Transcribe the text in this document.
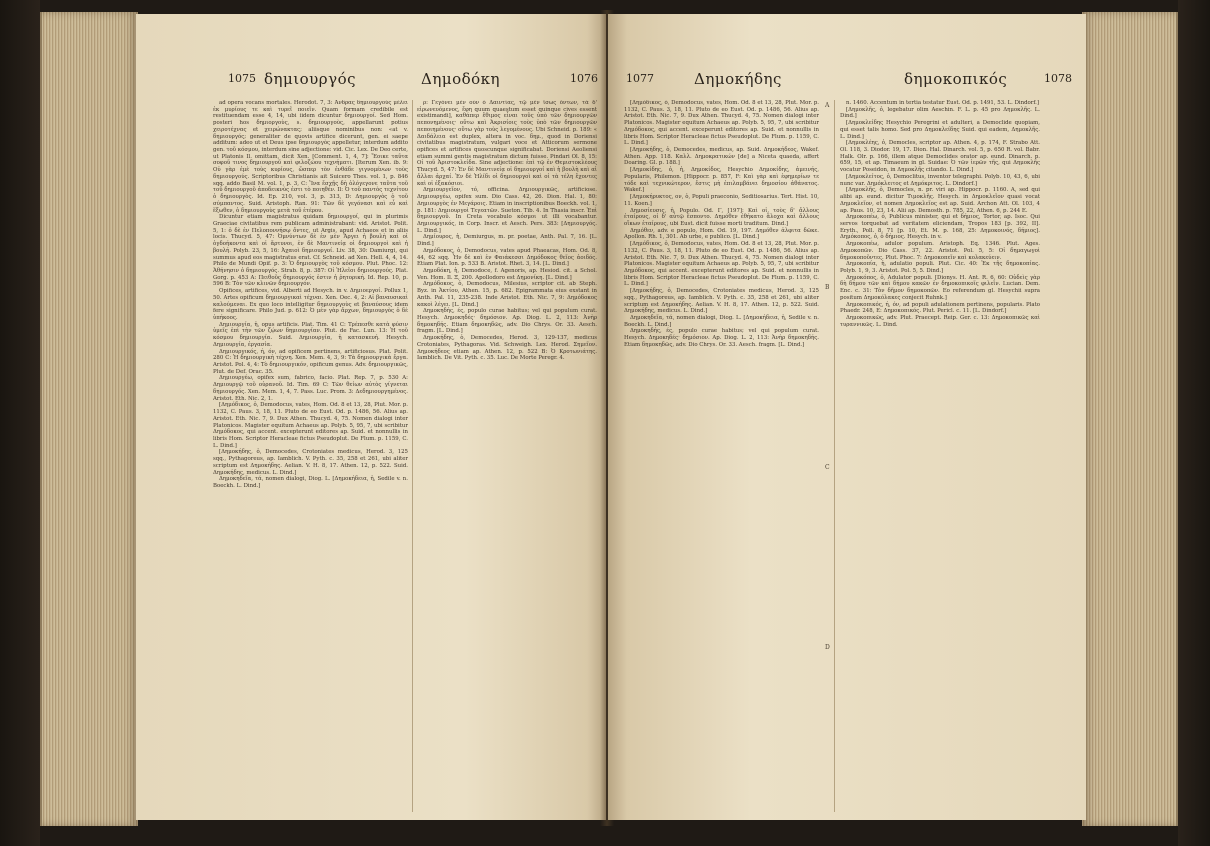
1075 δημιουργός	Δημοδόκη	1076

ad opera vocans mortales. Herodot. 7, 3: Ἀνδρας δημιουργοὺς μέλει ἐκ μυρίους τε καὶ τυρεῖ ποιεῖν. Quam formam credibile est restituendam esse 4, 14, ubi iidem dicuntur δημιουργοί. Sed Hom. posteri hos δημιοργοὺς, s. δημιουργοὺς, appellarunt potius χειροτέχνας et χειρώνακτας; aliisque nominibus non: «at v. δημιουργός; generaliter de quovis artifice dicerunt, gen. ei saepe additum: adeo ut et Deus ipse δημιουργὸς appelletur, interdum addito gen. τοῦ κόσμου, interdum sine adjectione: vid. Cic. Lex. De Deo certe, ut Platonis Il. omittam, dicit Xen. [Comment. 1, 4, 7]: Ἔοικε ταῦτα σοφοῦ τινος δημιουργοῦ καὶ φιλοζώου τεχνήματι. [Iterum Xen. ib. 9: Οὐ γὰρ ἐμὲ τοὺς κυρίους, ὥσπερ τὸν ἐνθάδε γιγνομένων τοὺς δημιουργούς. Scriptoribus Christianis ait Suicero Thes. vol. 1, p. 846 sqq. addo Basil M. vol. 1, p. 3, C: Ἵνα ἔσχῇς δὴ ὁλόγεγονε ταῦτα τοῦ τοῦ δημιουργοῦ ἀποδεικνὺς ἐστι τὸ ποιηθέν. Il: Ὁ τοῦ παντὸς τεχνίτου ὁ δημιουργὸς. Id. Ep. 210, vol. 3, p. 313, D: Δημιουργὸς ὁ τοῦ σύμπαντος. Suid. Aristoph. Ran. 91: Τῶν δὲ γεγόνασι καὶ εὖ καὶ ἕξωθεν, ὁ δημιουργοὺς μετὰ τοῦ ἑτέρου.

Dicuntur etiam magistratus quidam δημιουργοί, qui in plurimis Graeciae civitatibus rem publicam administrabant: vid. Aristot. Polit. 5, 1: ὁ δὲ ἐν Πελοποννήσῳ ὄντες, ut Argis, apud Achaeos et in aliis locis. Thucyd. 5, 47: Ὀμνύντων δὲ ἐν μὲν Ἄργει ἡ βουλὴ καὶ οἱ ὀγδοήκοντα καὶ οἱ ἄρτυνοι, ἐν δὲ Μαντινείᾳ οἱ δημιουργοὶ καὶ ἡ βουλή. Polyb. 23, 5, 16: Ἀχαιοὶ δημιουργοί. Liv. 38, 30: Damiurgi, qui summus apud eos magistratus erat. Cf. Schneid. ad Xen. Hell. 4, 4, 14. Philo de Mundi Opif. p. 3: Ὁ δημιουργὸς τοῦ κόσμου. Plut. Phoc. 12: Ἀθήνησιν ὁ δημιουργός. Strab. 8, p. 387: Οἱ Ἠλεῖοι δημιουργούς. Plat. Gorg. p. 453 A: Πειθοῦς δημιουργός ἐστιν ἡ ῥητορική. Id. Rep. 10, p. 596 B: Τὸν τῶν κλινῶν δημιουργόν.

Opifices, artifices, vid. Alberti ad Hesych. in v. Δημιοεργοί. Pollux 1, 50. Artes opificum δημιουργικαὶ τέχναι. Xen. Oec. 4, 2: Αἱ βαναυσικαὶ καλούμεναι. Ex quo loco intelligitur δημιουργοὺς et βαναύσους idem fere significare. Philo Jud. p. 612: Ὁ μὲν γὰρ ἄρχων, δημιουργὸς ὁ δὲ ὑπήκοος.

Δημιουργία, ἡ, opus artificis. Plat. Tim. 41 C: Τρέπεσθε κατὰ φύσιν ὑμεῖς ἐπὶ τὴν τῶν ζῴων δημιουργίαν. Plut. de Fac. Lun. 13: Ἡ τοῦ κόσμου δημιουργία. Suid. Δημιουργία, ἡ κατασκευή. Hesych. Δημιουργία, ἐργασία.

Δημιουργικός, ή, όν, ad opificem pertinens, artificiosus. Plat. Polit. 280 C: Ἡ δημιουργικὴ τέχνη. Xen. Mem. 4, 3, 9: Τὰ δημιουργικὰ ἔργα. Aristot. Pol. 4, 4: Τὸ δημιουργικόν, opificum genus. Adv. δημιουργικῶς, Plut. de Def. Orac. 35.

Δημιουργέω, opifex sum, fabrico, facio. Plat. Rep. 7, p. 530 A: Δημιουργῷ τοῦ οὐρανοῦ. Id. Tim. 69 C: Τῶν θείων αὐτὸς γίγνεται δημιουργός. Xen. Mem. 1, 4, 7. Pass. Luc. Prom. 3: Δεδημιουργημένος. Aristot. Eth. Nic. 2, 1.

[Δημόδικος, ὁ, Demodocus, vates, Hom. Od. 8 et 13, 28, Plut. Mor. p. 1132, C. Paus. 3, 18, 11. Pluto de eo Eust. Od. p. 1486, 56. Alius ap. Aristot. Eth. Nic. 7, 9. Dux Athen. Thucyd. 4, 75. Nomen dialogi inter Platonicos. Magister equitum Achaeus ap. Polyb. 5, 95, 7, ubi scribitur Δημόδοκος, qui accent. excepterunt editores ap. Suid. et nonnullis in libris Hom. Scriptor Heracleae fictus Pseudoplut. De Flum. p. 1159, C. L. Dind.]

[Δημοκήδης, ὁ, Democedes, Crotoniates medicus, Herod. 3, 125 sqq., Pythagoreus, ap. Iamblich. V. Pyth. c. 35, 258 et 261, ubi aliter scriptum est Δημοκήδης. Aelian. V. H. 8, 17. Athen. 12, p. 522. Suid. Δημοκήδης, medicus. L. Dind.]

Δημοκηδεῖα, τά, nomen dialogi, Diog. L. [Δημοκήδεια, ἡ, Sedile v. n. Boeckh. L. Dind.]

ρ: Γεγόνει μὲν οὖν ὁ Δαιντίας, τῷ μὲν ἴσως ὄντων, τὰ δ' εἰρωνευόμενος, ἔφη quum quaestum esset quinque cives essent existimandi], καθάπερ ἔθιμος εἶναι τοῦς ὑπὸ τῶν δημιουργῶν πεπονημένοις· οὕτω καὶ Ἀκρισίοις τοὺς ὑπὸ τῶν δημιουργῶν πεποιημένους· οὕτω γὰρ τοὺς λεγομένους. Ubi Schneid. p. 189: « Δαιδάλεια est duplex, altera in voc. δημ., quod in Doriensi civitatibus magistratum, vulgari voce et Atticorum sermone opifices et artifices quoscunque significabat. Doriensi Aeoliensi etiam summi gentis magistratum dictum fuisse. Pindari Ol. 8, 15: Οἱ τοῦ Ἀριστοκλείδα. Sine adjectione: ἐπὶ τῷ ἐν Θεμιστοκλέους Thucyd. 5, 47: Ἐν δὲ Μαντινείᾳ οἱ δημιουργοί καὶ ἡ βουλὴ καὶ αἱ ἄλλαι ἀρχαί. Ἐν δὲ Ἠλίδι οἱ δημιουργοὶ καὶ οἱ τὰ τέλη ἔχοντες καὶ οἱ ἑξακόσιοι.

Δημιουργεῖον, τό, officina. Δημιουργικῶς, artificiose. Δημιουργέω, opifex sum. Dio Cass. 42, 26. Dion. Hal. 1, 80: Δημιουργὸς ἐν Μεγάροις. Etiam in inscriptionibus Boeckh. vol. 1, p. 181: Δημιουργοὶ Τεγεατῶν. Sueton. Tib. 4. In Thasia inscr. Ἐπὶ δημιουργοῦ. In Creta vocabulo κόσμοι ut illi vocabantur. Δημιουργικός, in Corp. Inscr. et Aesch. Pers. 383: [Δημιουργός. L. Dind.]

Δημίουρος, ἡ, Demiurgus, m. pr. poetae, Anth. Pal. 7, 16. [L. Dind.]

Δημόδοκος, ὁ, Demodocus, vates apud Phaeacas, Hom. Od. 8, 44, 62 sqq. Ἦν δὲ καὶ ἐν Φαιάκεσσι Δημόδοκος θεῖος ἀοιδός. Etiam Plat. Ion. p. 533 B. Aristot. Rhet. 3, 14. [L. Dind.]

Δημοδόκη, ἡ, Demodoce, f. Agenoris, ap. Hesiod. cit. a Schol. Ven. Hom. Il. Ξ, 200. Apollodoro est Δημονίκη. [L. Dind.]

Δημόδοκος, ὁ, Demodocus, Milesius, scriptor cit. ab Steph. Byz. in Ἀκτίου, Athen. 15, p. 682. Epigrammata eius exstant in Anth. Pal. 11, 235-238. Inde Aristot. Eth. Nic. 7, 9: Δημόδοκος κακοὶ λέγει. [L. Dind.]

Δημοκηδής, ές, populo curae habitus; vel qui populum curat. Hesych. Δημοκηδές· δημόσιον. Ap. Diog. L. 2, 113: Ἀνὴρ δημοκηδής. Etiam δημοκηδῶς, adv. Dio Chrys. Or. 33. Aesch. fragm. [L. Dind.]

Δημοκήδης, ὁ, Democedes, Herod. 3, 129-137, medicus Crotoniates, Pythagoras. Vid. Schweigh. Lex. Herod. Σημεῖον. Δημοκήδεος etiam ap. Athen. 12, p. 522 B: Ὁ Κροτωνιάτης. Iamblich. De Vit. Pyth. c. 35. Luc. De Morte Peregr. 4.

1077	Δημοκήδης	δημοκοπικός	1078

[Δημόδικος, ὁ, Demodocus, vates, Hom. Od. 8 et 13, 28, Plut. Mor. p. 1132, C. Paus. 3, 18, 11. Pluto de eo Eust. Od. p. 1486, 56. Alius ap. Aristot. Eth. Nic. 7, 9. Dux Athen. Thucyd. 4, 75. Nomen dialogi inter Platonicos. Magister equitum Achaeus ap. Polyb. 5, 95, 7, ubi scribitur Δημόδοκος, qui accent. exceperunt editores ap. Suid. et nonnullis in libris Hom. Scriptor Heracleae fictus Pseudoplut. De Flum. p. 1159, C. L. Dind.]

[Δημοκήδης, ὁ, Democedes, medicus, ap. Suid. Δημοκήδεος, Wakef. Athen. App. 118. Καλλ. Δημοκρατικών [de] a Niceta quaeda, affert Doaring. Gl. p. 188.]

[Δημοκίδης, ὁ, ἡ, Δημοκίδος, Hesychio Δημοκίδης, ἀμεινής, Popularis, Philemon. [Hippocr. p. 857, F: Καὶ γὰρ καὶ ἐφημερίων τε τόδε καὶ τεχνικώτερον, ἔστις μὴ ἐπιλαμβάνει δημοσίου ἀθάνατος. Wakef.]

[Δημοκήρυκτος, ον, ὁ, Populi praeconio, Seditiosarius. Tert. Hist. 10, 11. Koen.]

Δημοσίευσις, ἡ, Populo. Od. Γ, [197]: Καὶ οἱ, τοὺς δ' ἄλλους ἐταίρους, οἱ δ' αὐτῷ ἕσποντο. Δημόθεν ἐθήκατο ἄλοχα καὶ ἄλλους οἴκων ἐταίρους, ubi Eust. dicit fuisse morti traditum. Dind.]

Δημόθεν, adv. e populo, Hom. Od. 19, 197. Δημόθεν ἀλφιτα δῶκε. Apollon. Rh. 1, 301. Ab urbe, e publico. [L. Dind.]

[Δημόδικος, ὁ, Demodocus, vates, Hom. Od. 8 et 13, 28, Plut. Mor. p. 1132, C. Paus. 3, 18, 11. Pluto de eo Eust. Od. p. 1486, 56. Alius ap. Aristot. Eth. Nic. 7, 9. Dux Athen. Thucyd. 4, 75. Nomen dialogi inter Platonicos. Magister equitum Achaeus ap. Polyb. 5, 95, 7, ubi scribitur Δημόδοκος, qui accent. excepterunt editores ap. Suid. et nonnullis in libris Hom. Scriptor Heracleae fictus Pseudoplut. De Flum. p. 1159, C. L. Dind.]

[Δημοκήδης, ὁ, Democedes, Crotoniates medicus, Herod. 3, 125 sqq., Pythagoreus, ap. Iamblich. V. Pyth. c. 35, 258 et 261, ubi aliter scriptum est Δημοκήδης. Aelian. V. H. 8, 17. Athen. 12, p. 522. Suid. Δημοκήδης, medicus. L. Dind.]

Δημοκηδεῖα, τά, nomen dialogi, Diog. L. [Δημοκήδεια, ἡ, Sedile v. n. Boeckh. L. Dind.]

Δημοκηδής, ές, populo curae habitus; vel qui populum curat. Hesych. Δημοκηδές· δημόσιον. Ap. Diog. L. 2, 113: Ἀνὴρ δημοκηδής. Etiam δημοκηδῶς, adv. Dio Chrys. Or. 33. Aesch. fragm. [L. Dind.]

A
B
C
D

n. 1460. Accentum in tertia testatur Eust. Od. p. 1491, 53. L. Dindorf.]

[Δημοκλῆς, ὁ, legebatur olim Aeschin. F. L. p. 45 pro Δημοκλῆς. L. Dind.]

[Δημοκλείδης Hesychio Peregrini et adulteri, a Democlide quopiam, qui esset talis homo. Sed pro Δημοκλείδης Suid. qui eadem, Δημοκλῆς. L. Dind.]

[Δημοκλέης, ὁ, Democles, scriptor ap. Athen. 4, p. 174, F. Strabo Att. Ol. 118, 3. Diodor. 19, 17. Dion. Hal. Dinarch. vol. 5, p. 650 R. vol. Babr. Halk. Olr. p. 166, illem atque Democlides orator ap. eund. Dinarch. p. 659, 15, et ap. Timaeum in gl. Suidae: Ὁ τῶν ἱερῶν τῆς, qui Δημοκλῆς vocatur Poseidon, in Δημοκλῆς citando. L. Dind.]

[Δημοκλείτος, ὁ, Democlitus, inventor telegraphi. Polyb. 10, 43, 6, ubi nunc var. Δημόκλειτος et Δημόκριτος. L. Dindorf.]

[Δημοκλῆς, ὁ, Democles, n. pr. viri ap. Hippocr. p. 1160. A, sed qui alibi ap. eund. dicitur Τιμοκλῆς. Hesych. in Δημοκλεῖον quasi vocat Δημοκλεῖον, et nomen Δημοκλεῖος est ap. Suid. Archon Att. Ol. 103, 4 ap. Paus. 10, 23, 14. Alii ap. Demosth. p. 785, 22, Athen. 6, p. 244 E.

Δημοκοπέω, ὁ, Publicus minister, qui et δήμιος, Tortor, ap. Isoc. Qui servos torquebat ad veritatem eliciendam, Tropos 183 [p. 392, II]. Eryth., Poll. 8, 71 [p. 10, Et. M. p. 168, 25: Δημοκοινός, δήμιος]. Δημόκοπος, ὁ, ὁ δήμιος. Hesych. in v.

Δημοκοπέω, adulor populum. Aristoph. Eq. 1346. Plut. Ages. Δημοκοπῶν. Dio Cass. 37, 22. Aristot. Pol. 5, 5: Οἱ δημαγωγοὶ δημοκοποῦντες. Plut. Phoc. 7: Δημοκοπεῖν καὶ κολακεύειν.

Δημοκοπία, ἡ, adulatio populi. Plut. Cic. 40: Ἐκ τῆς δημοκοπίας. Polyb. 1, 9, 3. Aristot. Pol. 5, 5. Dind.]

Δημοκόπος, ὁ, Adulator populi. [Dionys. H. Ant. R. 6, 60: Οὐδεὶς γὰρ δὴ δήμου τῶν καὶ δήμου κακῶν ἐν δημοκοπικοῖς φιλεῖν. Lucian. Dem. Enc. c. 31: Τὸν δῆμον δημοκοπῶν. Eo referendum gl. Hesychii supra positum Δημοκόλακες conjecit Ruhnk.]

Δημοκοπικός, ή, όν, ad populi adulationem pertinens, popularis. Plato Phaedr. 248, E: Δημοκοπικός. Plut. Pericl. c. 11. [L. Dindorf.]

Δημοκοπικῶς, adv. Plut. Praecept. Reip. Ger. c. 13: Δημοκοπικῶς καὶ τυραννικῶς. L. Dind.
